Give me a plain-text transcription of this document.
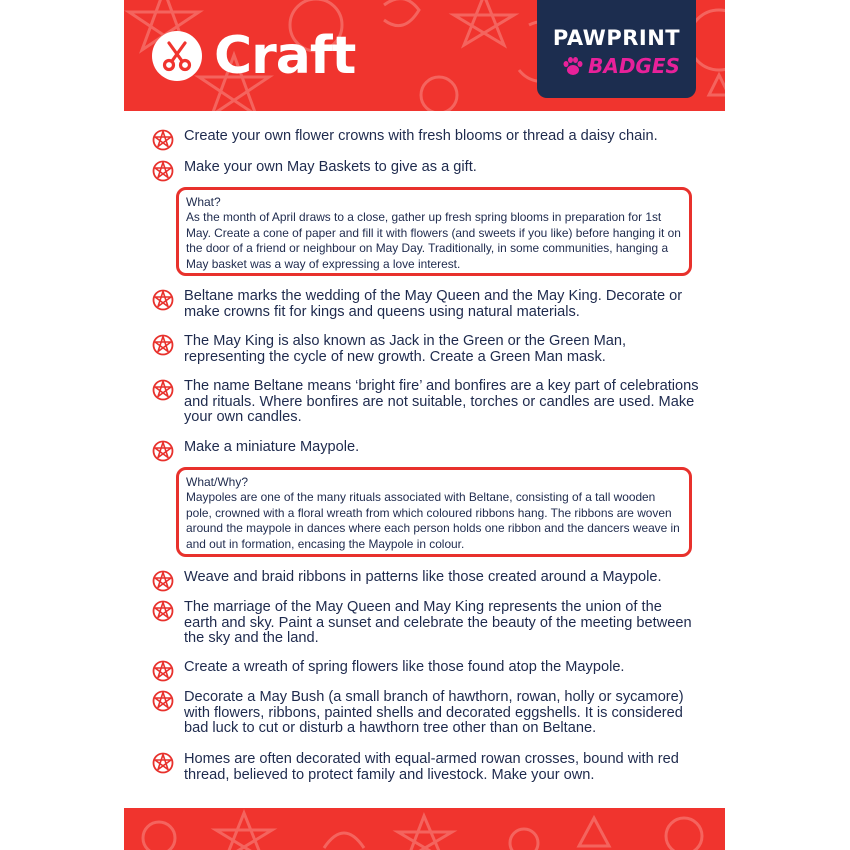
Craft	PAWPRINT
BADGES
Create your own flower crowns with fresh blooms or thread a daisy chain.
Make your own May Baskets to give as a gift.
What?
As the month of April draws to a close, gather up fresh spring blooms in preparation for 1st May. Create a cone of paper and fill it with flowers (and sweets if you like) before hanging it on the door of a friend or neighbour on May Day. Traditionally, in some communities, hanging a May basket was a way of expressing a love interest.
Beltane marks the wedding of the May Queen and the May King. Decorate or make crowns fit for kings and queens using natural materials.
The May King is also known as Jack in the Green or the Green Man, representing the cycle of new growth. Create a Green Man mask.
The name Beltane means ‘bright fire’ and bonfires are a key part of celebrations and rituals. Where bonfires are not suitable, torches or candles are used. Make your own candles.
Make a miniature Maypole.
What/Why?
Maypoles are one of the many rituals associated with Beltane, consisting of a tall wooden pole, crowned with a floral wreath from which coloured ribbons hang. The ribbons are woven around the maypole in dances where each person holds one ribbon and the dancers weave in and out in formation, encasing the Maypole in colour.
Weave and braid ribbons in patterns like those created around a Maypole.
The marriage of the May Queen and May King represents the union of the earth and sky. Paint a sunset and celebrate the beauty of the meeting between the sky and the land.
Create a wreath of spring flowers like those found atop the Maypole.
Decorate a May Bush (a small branch of hawthorn, rowan, holly or sycamore) with flowers, ribbons, painted shells and decorated eggshells. It is considered bad luck to cut or disturb a hawthorn tree other than on Beltane.
Homes are often decorated with equal-armed rowan crosses, bound with red thread, believed to protect family and livestock. Make your own.
